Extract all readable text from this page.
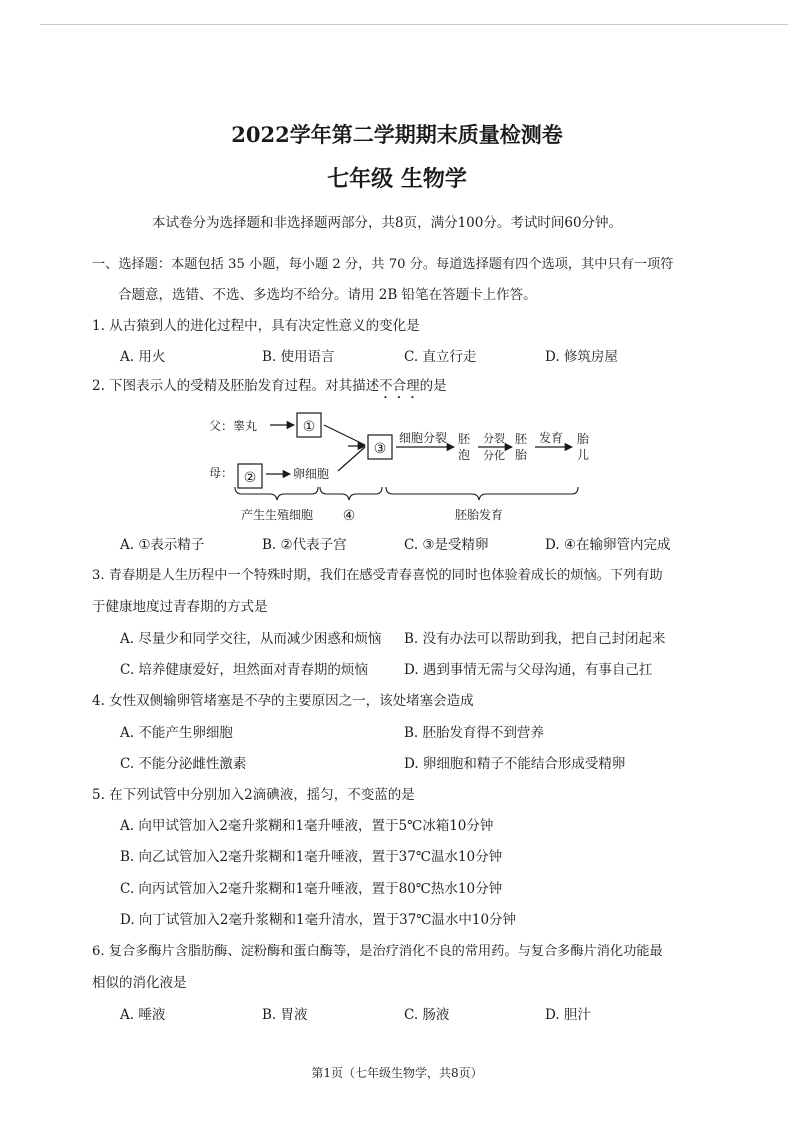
2022学年第二学期期末质量检测卷
七年级 生物学
本试卷分为选择题和非选择题两部分，共8页，满分100分。考试时间60分钟。
一、选择题：本题包括 35 小题，每小题 2 分，共 70 分。每道选择题有四个选项，其中只有一项符
合题意，选错、不选、多选均不给分。请用 2B 铅笔在答题卡上作答。
1. 从古猿到人的进化过程中，具有决定性意义的变化是
A. 用火	B. 使用语言	C. 直立行走	D. 修筑房屋
2. 下图表示人的受精及胚胎发育过程。对其描述不合理的是
父：睾丸	①
母： ②	卵细胞
③
细胞分裂 胚
泡
分裂
分化
胚
胎
发育 胎
儿
产生生殖细胞 ④	胚胎发育
A. ①表示精子	B. ②代表子宫	C. ③是受精卵	D. ④在输卵管内完成
3. 青春期是人生历程中一个特殊时期，我们在感受青春喜悦的同时也体验着成长的烦恼。下列有助
于健康地度过青春期的方式是
A. 尽量少和同学交往，从而减少困惑和烦恼 B. 没有办法可以帮助到我，把自己封闭起来
C. 培养健康爱好，坦然面对青春期的烦恼	D. 遇到事情无需与父母沟通，有事自己扛
4. 女性双侧输卵管堵塞是不孕的主要原因之一，该处堵塞会造成
A. 不能产生卵细胞	B. 胚胎发育得不到营养
C. 不能分泌雌性激素	D. 卵细胞和精子不能结合形成受精卵
5. 在下列试管中分别加入2滴碘液，摇匀，不变蓝的是
A. 向甲试管加入2毫升浆糊和1毫升唾液，置于5℃冰箱10分钟
B. 向乙试管加入2毫升浆糊和1毫升唾液，置于37℃温水10分钟
C. 向丙试管加入2毫升浆糊和1毫升唾液，置于80℃热水10分钟
D. 向丁试管加入2毫升浆糊和1毫升清水，置于37℃温水中10分钟
6. 复合多酶片含脂肪酶、淀粉酶和蛋白酶等，是治疗消化不良的常用药。与复合多酶片消化功能最
相似的消化液是
A. 唾液	B. 胃液	C. 肠液	D. 胆汁
第1页（七年级生物学，共8页）
